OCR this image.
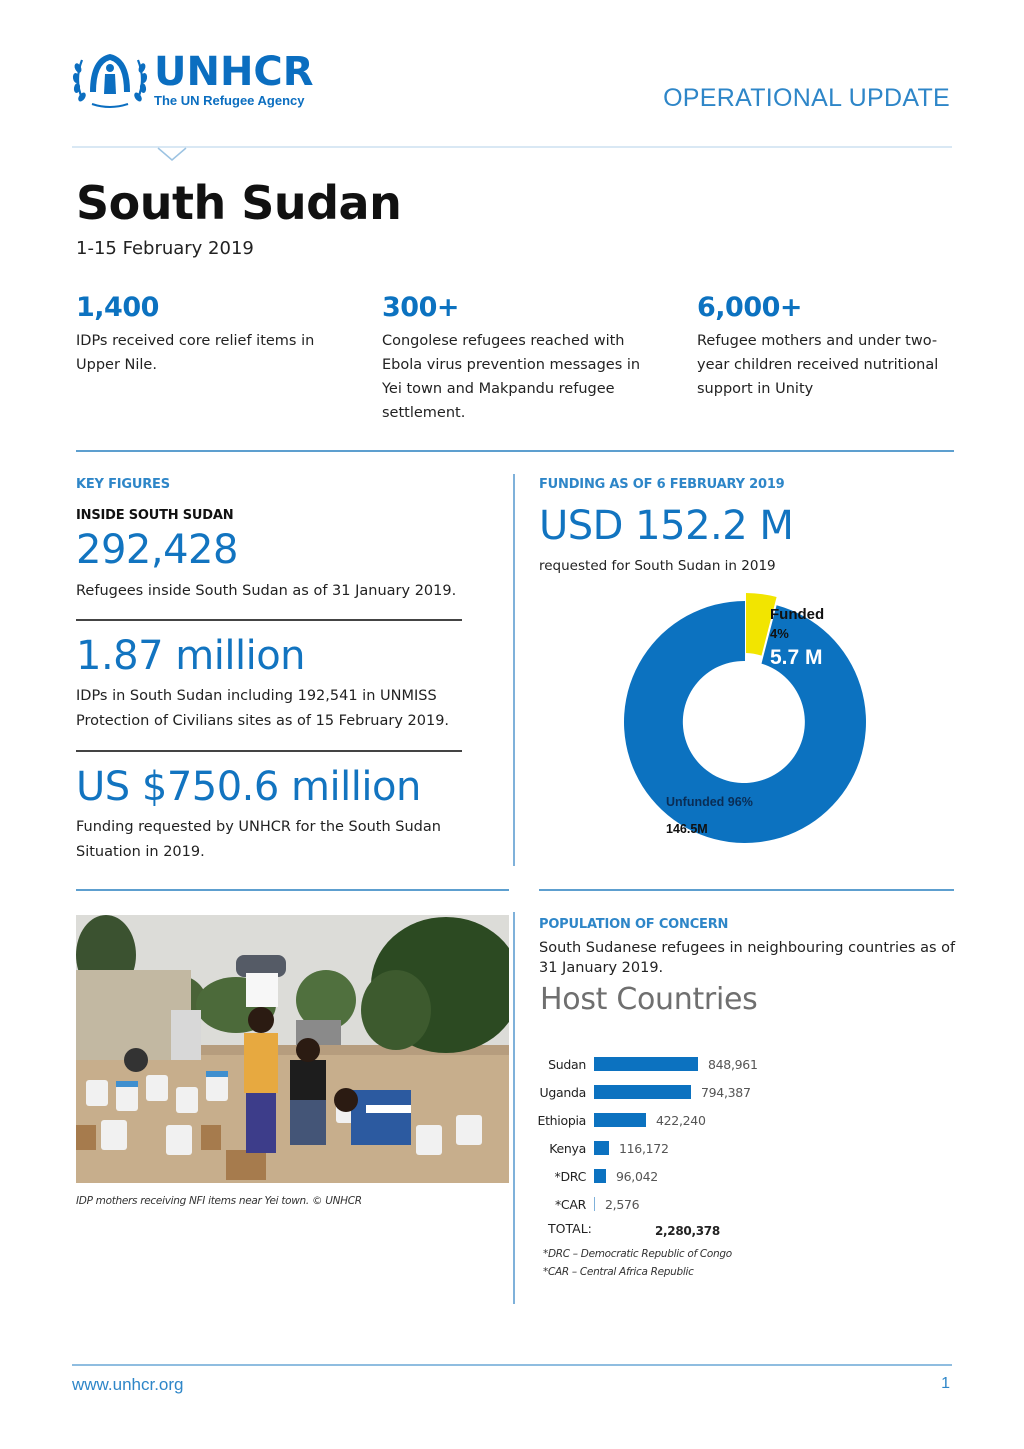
UNHCR
The UN Refugee Agency	OPERATIONAL UPDATE
South Sudan
1-15 February 2019
1,400
IDPs received core relief items in Upper Nile.
300+
Congolese refugees reached with Ebola virus prevention messages in Yei town and Makpandu refugee settlement.
6,000+
Refugee mothers and under two-year children received nutritional support in Unity
KEY FIGURES
INSIDE SOUTH SUDAN
292,428
Refugees inside South Sudan as of 31 January 2019.
1.87 million
IDPs in South Sudan including 192,541 in UNMISS Protection of Civilians sites as of 15 February 2019.
US $750.6 million
Funding requested by UNHCR for the South Sudan Situation in 2019.
FUNDING AS OF 6 FEBRUARY 2019
USD 152.2 M
requested for South Sudan in 2019
Funded
4%
5.7 M
Unfunded 96%
146.5M
IDP mothers receiving NFI items near Yei town. © UNHCR
POPULATION OF CONCERN
South Sudanese refugees in neighbouring countries as of 31 January 2019.
Host Countries
Sudan	848,961
Uganda	794,387
Ethiopia	422,240
Kenya	116,172
*DRC	96,042
*CAR	2,576
TOTAL:	2,280,378
*DRC – Democratic Republic of Congo
*CAR – Central Africa Republic
www.unhcr.org	1
